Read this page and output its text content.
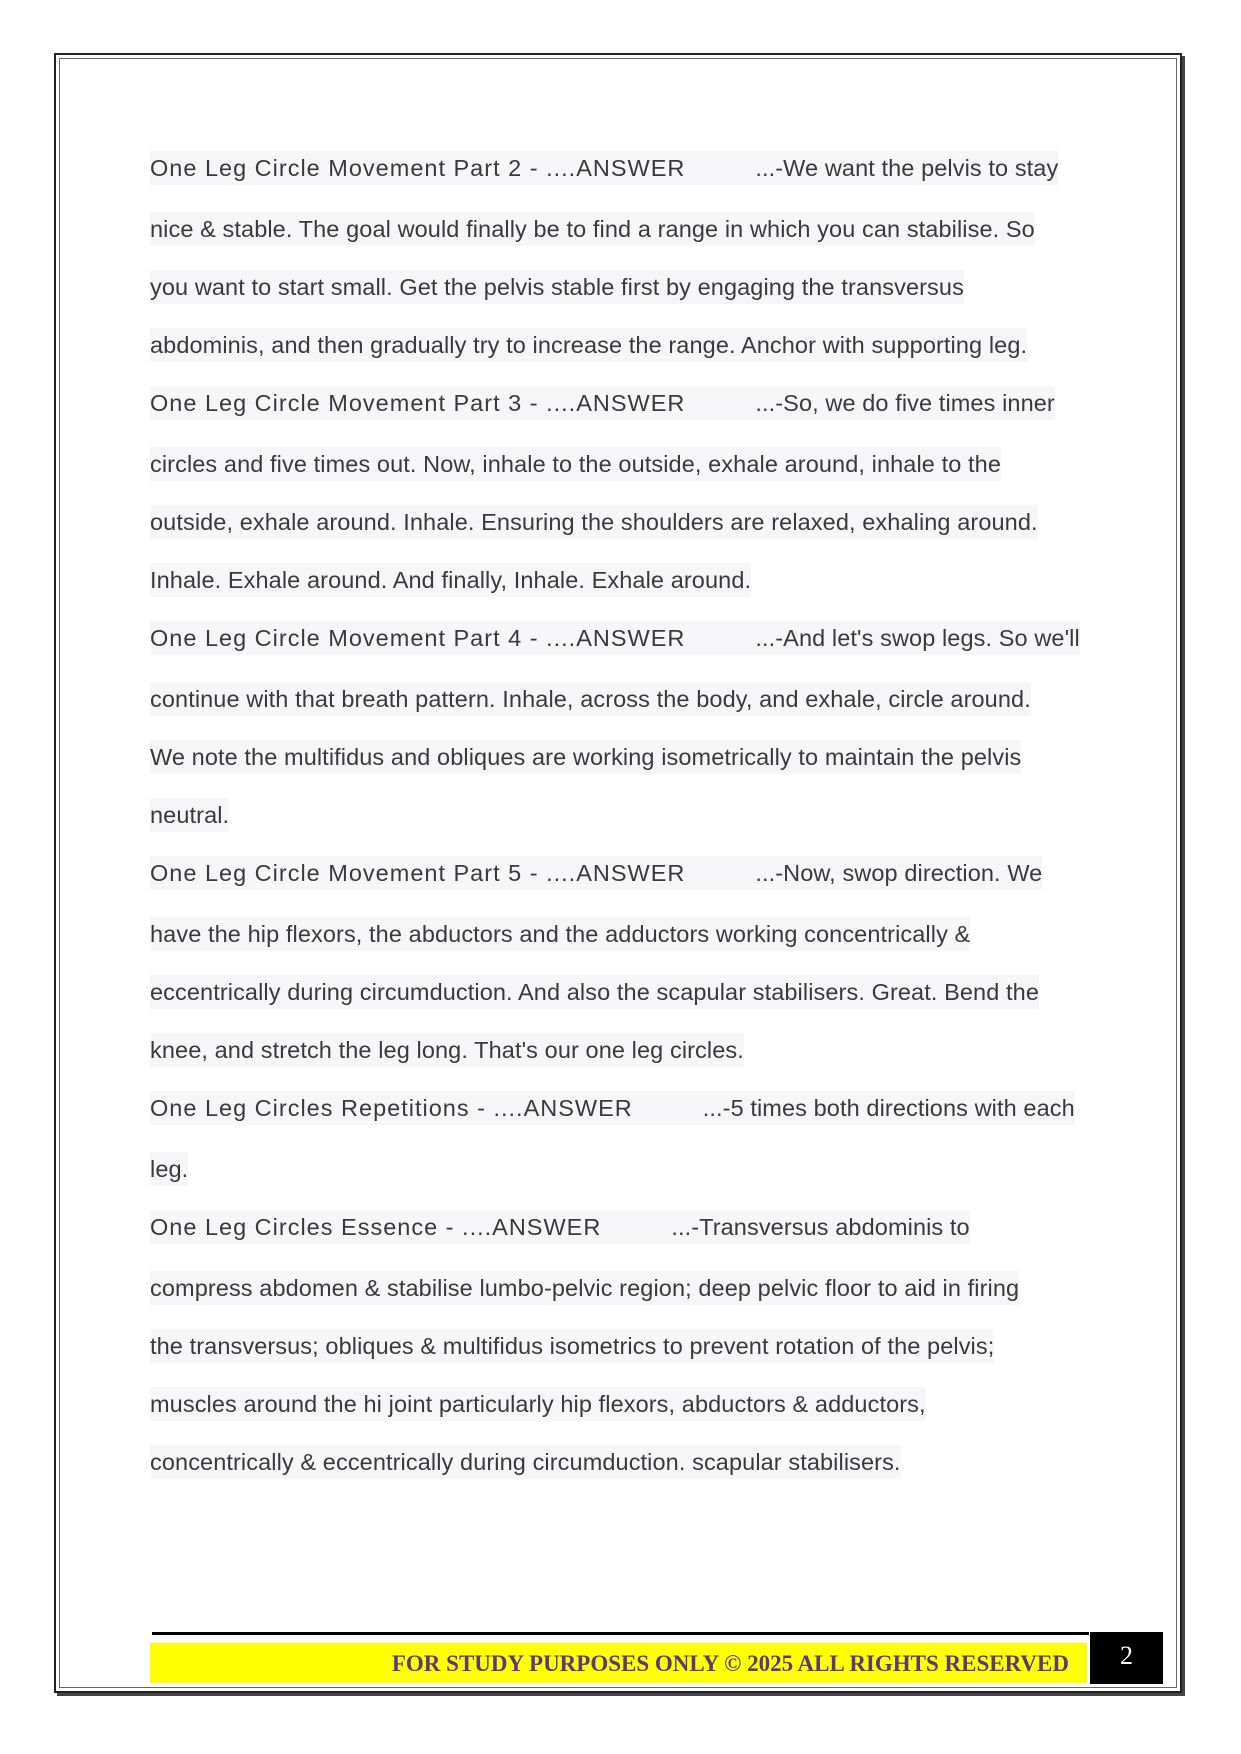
One Leg Circle Movement Part 2 - ....ANSWER	...-We want the pelvis to stay
nice & stable. The goal would finally be to find a range in which you can stabilise. So
you want to start small. Get the pelvis stable first by engaging the transversus
abdominis, and then gradually try to increase the range. Anchor with supporting leg.
One Leg Circle Movement Part 3 - ....ANSWER	...-So, we do five times inner
circles and five times out. Now, inhale to the outside, exhale around, inhale to the
outside, exhale around. Inhale. Ensuring the shoulders are relaxed, exhaling around.
Inhale. Exhale around. And finally, Inhale. Exhale around.
One Leg Circle Movement Part 4 - ....ANSWER	...-And let's swop legs. So we'll
continue with that breath pattern. Inhale, across the body, and exhale, circle around.
We note the multifidus and obliques are working isometrically to maintain the pelvis
neutral.
One Leg Circle Movement Part 5 - ....ANSWER	...-Now, swop direction. We
have the hip flexors, the abductors and the adductors working concentrically &
eccentrically during circumduction. And also the scapular stabilisers. Great. Bend the
knee, and stretch the leg long. That's our one leg circles.
One Leg Circles Repetitions - ....ANSWER	...-5 times both directions with each
leg.
One Leg Circles Essence - ....ANSWER	...-Transversus abdominis to
compress abdomen & stabilise lumbo-pelvic region; deep pelvic floor to aid in firing
the transversus; obliques & multifidus isometrics to prevent rotation of the pelvis;
muscles around the hi joint particularly hip flexors, abductors & adductors,
concentrically & eccentrically during circumduction. scapular stabilisers.
FOR STUDY PURPOSES ONLY © 2025 ALL RIGHTS RESERVED	2
